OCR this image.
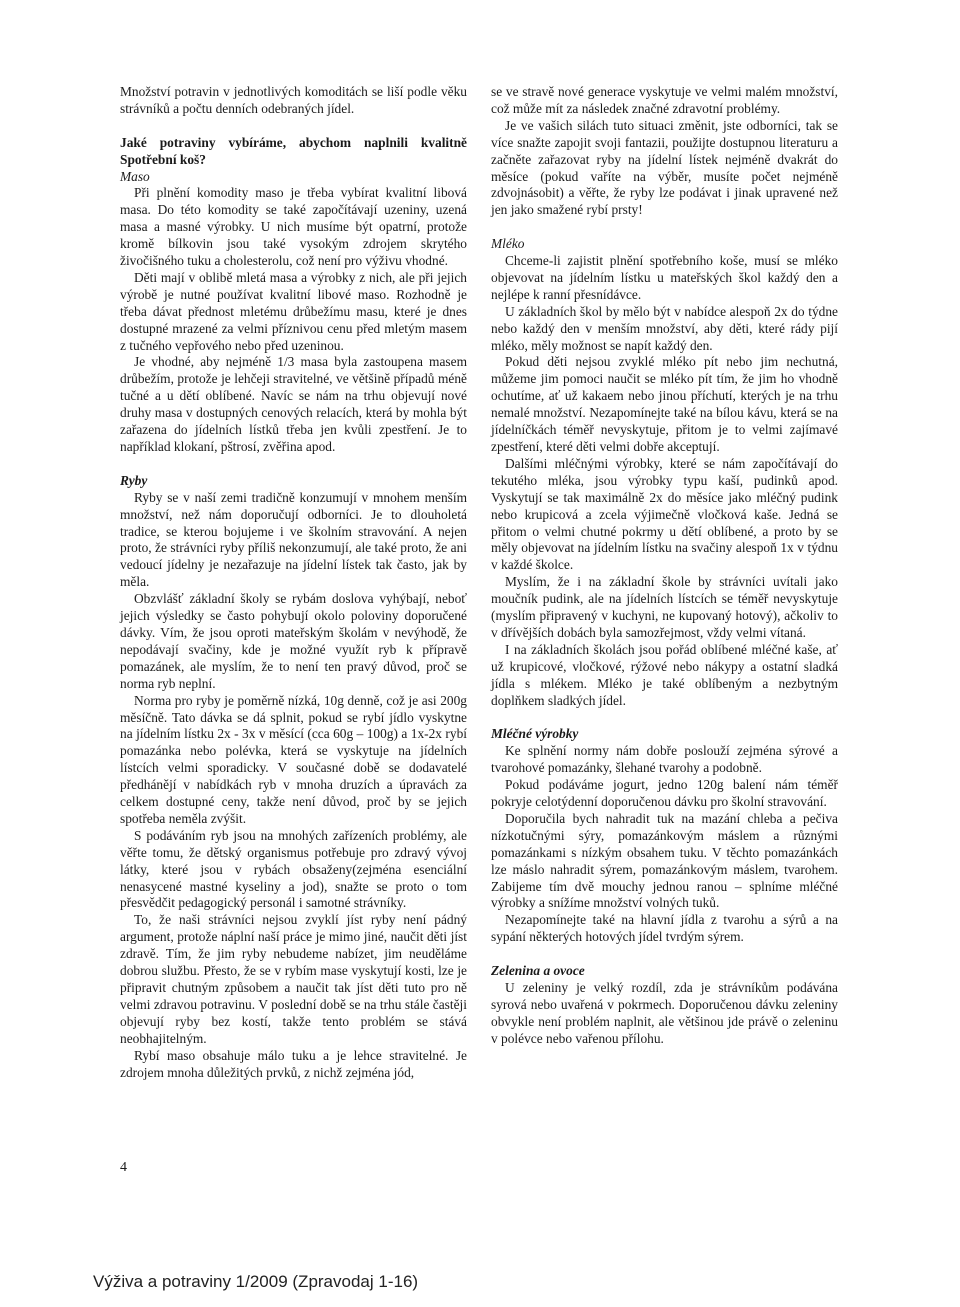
Množství potravin v jednotlivých komoditách se liší podle věku strávníků a počtu denních odebraných jídel.

Jaké potraviny vybíráme, abychom naplnili kvalitně Spotřební koš?

Maso

Při plnění komodity maso je třeba vybírat kvalitní libová masa. Do této komodity se také započítávají uzeniny, uzená masa a masné výrobky. U nich musíme být opatrní, protože kromě bílkovin jsou také vysokým zdrojem skrytého živočišného tuku a cholesterolu, což není pro výživu vhodné.

Děti mají v oblibě mletá masa a výrobky z nich, ale při jejich výrobě je nutné používat kvalitní libové maso. Rozhodně je třeba dávat přednost mletému drůbežímu masu, které je dnes dostupné mrazené za velmi příznivou cenu před mletým masem z tučného vepřového nebo před uzeninou.

Je vhodné, aby nejméně 1/3 masa byla zastoupena masem drůbežím, protože je lehčeji stravitelné, ve většině případů méně tučné a u dětí oblíbené. Navíc se nám na trhu objevují nové druhy masa v dostupných cenových relacích, která by mohla být zařazena do jídelních lístků třeba jen kvůli zpestření. Je to například klokaní, pštrosí, zvěřina apod.

Ryby

Ryby se v naší zemi tradičně konzumují v mnohem menším množství, než nám doporučují odborníci. Je to dlouholetá tradice, se kterou bojujeme i ve školním stravování. A nejen proto, že strávníci ryby příliš nekonzumují, ale také proto, že ani vedoucí jídelny je nezařazuje na jídelní lístek tak často, jak by měla.

Obzvlášť základní školy se rybám doslova vyhýbají, neboť jejich výsledky se často pohybují okolo poloviny doporučené dávky. Vím, že jsou oproti mateřským školám v nevýhodě, že nepodávají svačiny, kde je možné využít ryb k přípravě pomazánek, ale myslím, že to není ten pravý důvod, proč se norma ryb neplní.

Norma pro ryby je poměrně nízká, 10g denně, což je asi 200g měsíčně. Tato dávka se dá splnit, pokud se rybí jídlo vyskytne na jídelním lístku 2x - 3x v měsící (cca 60g – 100g) a 1x-2x rybí pomazánka nebo polévka, která se vyskytuje na jídelních lístcích velmi sporadicky. V současné době se dodavatelé předhánějí v nabídkách ryb v mnoha druzích a úpravách za celkem dostupné ceny, takže není důvod, proč by se jejich spotřeba neměla zvýšit.

S podáváním ryb jsou na mnohých zařízeních problémy, ale věřte tomu, že dětský organismus potřebuje pro zdravý vývoj látky, které jsou v rybách obsaženy(zejména esenciální nenasycené mastné kyseliny a jod), snažte se proto o tom přesvědčit pedagogický personál i samotné strávníky.

To, že naši strávníci nejsou zvyklí jíst ryby není pádný argument, protože náplní naší práce je mimo jiné, naučit děti jíst zdravě. Tím, že jim ryby nebudeme nabízet, jim neuděláme dobrou službu. Přesto, že se v rybím mase vyskytují kosti, lze je připravit chutným způsobem a naučit tak jíst děti tuto pro ně velmi zdravou potravinu. V poslední době se na trhu stále častěji objevují ryby bez kostí, takže tento problém se stává neobhajitelným.

Rybí maso obsahuje málo tuku a je lehce stravitelné. Je zdrojem mnoha důležitých prvků, z nichž zejména jód,

se ve stravě nové generace vyskytuje ve velmi malém množství, což může mít za následek značné zdravotní problémy.

Je ve vašich silách tuto situaci změnit, jste odborníci, tak se více snažte zapojit svoji fantazii, použijte dostupnou literaturu a začněte zařazovat ryby na jídelní lístek nejméně dvakrát do měsíce (pokud vaříte na výběr, musíte počet nejméně zdvojnásobit) a věřte, že ryby lze podávat i jinak upravené než jen jako smažené rybí prsty!

Mléko

Chceme-li zajistit plnění spotřebního koše, musí se mléko objevovat na jídelním lístku u mateřských škol každý den a nejlépe k ranní přesnídávce.

U základních škol by mělo být v nabídce alespoň 2x do týdne nebo každý den v menším množství, aby děti, které rády pijí mléko, měly možnost se napít každý den.

Pokud děti nejsou zvyklé mléko pít nebo jim nechutná, můžeme jim pomoci naučit se mléko pít tím, že jim ho vhodně ochutíme, ať už kakaem nebo jinou příchutí, kterých je na trhu nemalé množství. Nezapomínejte také na bílou kávu, která se na jídelníčkách téměř nevyskytuje, přitom je to velmi zajímavé zpestření, které děti velmi dobře akceptují.

Dalšími mléčnými výrobky, které se nám započítávají do tekutého mléka, jsou výrobky typu kaší, pudinků apod. Vyskytují se tak maximálně 2x do měsíce jako mléčný pudink nebo krupicová a zcela výjimečně vločková kaše. Jedná se přitom o velmi chutné pokrmy u dětí oblíbené, a proto by se měly objevovat na jídelním lístku na svačiny alespoň 1x v týdnu v každé školce.

Myslím, že i na základní škole by strávníci uvítali jako moučník pudink, ale na jídelních lístcích se téměř nevyskytuje (myslím připravený v kuchyni, ne kupovaný hotový), ačkoliv to v dřívějších dobách byla samozřejmost, vždy velmi vítaná.

I na základních školách jsou pořád oblíbené mléčné kaše, ať už krupicové, vločkové, rýžové nebo nákypy a ostatní sladká jídla s mlékem. Mléko je také oblíbeným a nezbytným doplňkem sladkých jídel.

Mléčné výrobky

Ke splnění normy nám dobře poslouží zejména sýrové a tvarohové pomazánky, šlehané tvarohy a podobně.

Pokud podáváme jogurt, jedno 120g balení nám téměř pokryje celotýdenní doporučenou dávku pro školní stravování.

Doporučila bych nahradit tuk na mazání chleba a pečiva nízkotučnými sýry, pomazánkovým máslem a různými pomazánkami s nízkým obsahem tuku. V těchto pomazánkách lze máslo nahradit sýrem, pomazánkovým máslem, tvarohem. Zabijeme tím dvě mouchy jednou ranou – splníme mléčné výrobky a snížíme množství volných tuků.

Nezapomínejte také na hlavní jídla z tvarohu a sýrů a na sypání některých hotových jídel tvrdým sýrem.

Zelenina a ovoce

U zeleniny je velký rozdíl, zda je strávníkům podávána syrová nebo uvařená v pokrmech. Doporučenou dávku zeleniny obvykle není problém naplnit, ale většinou jde právě o zeleninu v polévce nebo vařenou přílohu.

4
Výživa a potraviny 1/2009 (Zpravodaj 1-16)
